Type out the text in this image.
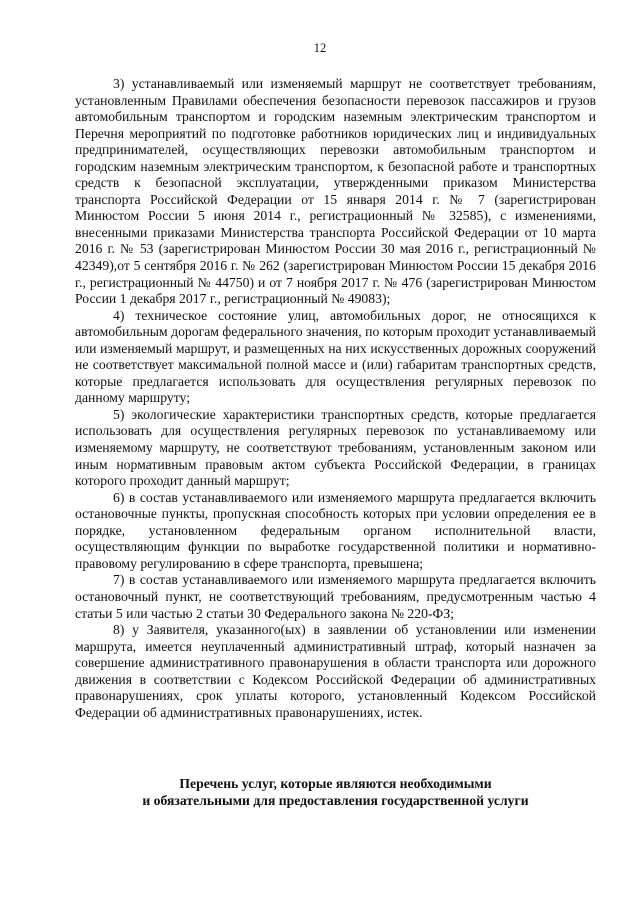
12

3) устанавливаемый или изменяемый маршрут не соответствует требованиям, установленным Правилами обеспечения безопасности перевозок пассажиров и грузов автомобильным транспортом и городским наземным электрическим транспортом и Перечня мероприятий по подготовке работников юридических лиц и индивидуальных предпринимателей, осуществляющих перевозки автомобильным транспортом и городским наземным электрическим транспортом, к безопасной работе и транспортных средств к безопасной эксплуатации, утвержденными приказом Министерства транспорта Российской Федерации от 15 января 2014 г. № 7 (зарегистрирован Минюстом России 5 июня 2014 г., регистрационный № 32585), с изменениями, внесенными приказами Министерства транспорта Российской Федерации от 10 марта 2016 г. № 53 (зарегистрирован Минюстом России 30 мая 2016 г., регистрационный № 42349),от 5 сентября 2016 г. № 262 (зарегистрирован Минюстом России 15 декабря 2016 г., регистрационный № 44750) и от 7 ноября 2017 г. № 476 (зарегистрирован Минюстом России 1 декабря 2017 г., регистрационный № 49083);

4) техническое состояние улиц, автомобильных дорог, не относящихся к автомобильным дорогам федерального значения, по которым проходит устанавливаемый или изменяемый маршрут, и размещенных на них искусственных дорожных сооружений не соответствует максимальной полной массе и (или) габаритам транспортных средств, которые предлагается использовать для осуществления регулярных перевозок по данному маршруту;

5) экологические характеристики транспортных средств, которые предлагается использовать для осуществления регулярных перевозок по устанавливаемому или изменяемому маршруту, не соответствуют требованиям, установленным законом или иным нормативным правовым актом субъекта Российской Федерации, в границах которого проходит данный маршрут;

6) в состав устанавливаемого или изменяемого маршрута предлагается включить остановочные пункты, пропускная способность которых при условии определения ее в порядке, установленном федеральным органом исполнительной власти, осуществляющим функции по выработке государственной политики и нормативно-правовому регулированию в сфере транспорта, превышена;

7) в состав устанавливаемого или изменяемого маршрута предлагается включить остановочный пункт, не соответствующий требованиям, предусмотренным частью 4 статьи 5 или частью 2 статьи 30 Федерального закона № 220-ФЗ;

8) у Заявителя, указанного(ых) в заявлении об установлении или изменении маршрута, имеется неуплаченный административный штраф, который назначен за совершение административного правонарушения в области транспорта или дорожного движения в соответствии с Кодексом Российской Федерации об административных правонарушениях, срок уплаты которого, установленный Кодексом Российской Федерации об административных правонарушениях, истек.

Перечень услуг, которые являются необходимыми
и обязательными для предоставления государственной услуги
